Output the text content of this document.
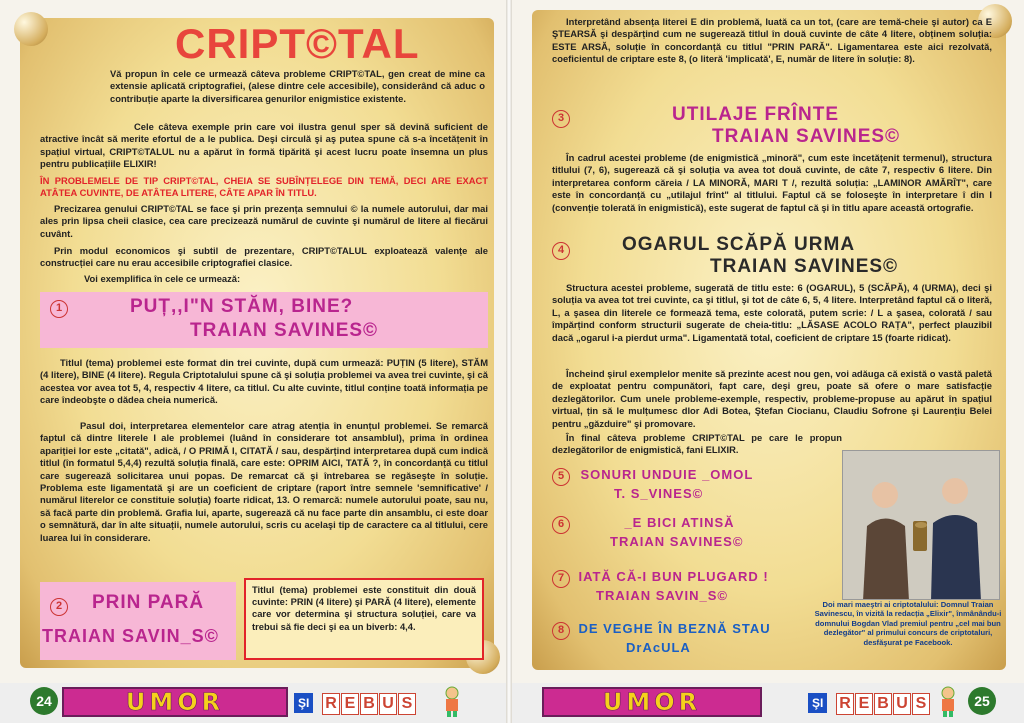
CRIPT©TAL
Vă propun în cele ce urmează câteva probleme CRIPT©TAL, gen creat de mine ca extensie aplicată criptografiei, (alese dintre cele accesibile), considerând că aduc o contribuție aparte la diversificarea genurilor enigmistice existente.
Cele câteva exemple prin care voi ilustra genul sper să devină suficient de atractive încât să merite efortul de a le publica. Deşi circulă şi aş putea spune că s-a încetățenit în spațiul virtual, CRIPT©TALUL nu a apărut în formă tipărită şi acest lucru poate însemna un plus pentru publicațiile ELIXIR!
ÎN PROBLEMELE DE TIP CRIPT©TAL, CHEIA SE SUBÎNȚELEGE DIN TEMĂ, DECI ARE EXACT ATÂTEA CUVINTE, DE ATÂTEA LITERE, CÂTE APAR ÎN TITLU.
Precizarea genului CRIPT©TAL se face şi prin prezența semnului © la numele autorului, dar mai ales prin lipsa cheii clasice, cea care precizează numărul de cuvinte şi numărul de litere al fiecărui cuvânt.
Prin modul economicos şi subtil de prezentare, CRIPT©TALUL exploatează valențe ale construcției care nu erau accesibile criptografiei clasice.
Voi exemplifica în cele ce urmează:
1	PUȚ,,I"N STĂM, BINE?
TRAIAN SAVINES©
Titlul (tema) problemei este format din trei cuvinte, după cum urmează: PUȚIN (5 litere), STĂM (4 litere), BINE (4 litere). Regula Criptotalului spune că şi soluția problemei va avea trei cuvinte, şi că acestea vor avea tot 5, 4, respectiv 4 litere, ca titlul. Cu alte cuvinte, titlul conține toată informația pe care îndeobşte o dădea cheia numerică.
Pasul doi, interpretarea elementelor care atrag atenția în enunțul problemei. Se remarcă faptul că dintre literele I ale problemei (luând în considerare tot ansamblul), prima în ordinea apariției lor este „citată", adică, / O PRIMĂ I, CITATĂ / sau, despărțind interpretarea după cum indică titlul (în formatul 5,4,4) rezultă soluția finală, care este: OPRIM AICI, TATĂ ?, în concordanță cu titlul care sugerează solicitarea unui popas. De remarcat că şi întrebarea se regăseşte în soluție. Problema este ligamentată şi are un coeficient de criptare (raport între semnele 'semnificative' / numărul literelor ce constituie soluția) foarte ridicat, 13. O remarcă: numele autorului poate, sau nu, să facă parte din problemă. Grafia lui, aparte, sugerează că nu face parte din ansamblu, ci este doar o semnătură, dar în alte situații, numele autorului, scris cu acelaşi tip de caractere ca al titlului, cere luarea lui în considerare.
2	PRIN PARĂ
TRAIAN SAVIN_S©
Titlul (tema) problemei este constituit din două cuvinte: PRIN (4 litere) şi PARĂ (4 litere), elemente care vor determina şi structura soluției, care va trebui să fie deci şi ea un biverb: 4,4.
24	UMOR	ŞI R E B U S
Interpretând absența literei E din problemă, luată ca un tot, (care are temă-cheie şi autor) ca E ŞTEARSĂ şi despărțind cum ne sugerează titlul în două cuvinte de câte 4 litere, obținem soluția: ESTE ARSĂ, soluție în concordanță cu titlul "PRIN PARĂ". Ligamentarea este aici rezolvată, coeficientul de criptare este 8, (o literă 'implicată', E, număr de litere în soluție: 8).
3	UTILAJE FRÎNTE
TRAIAN SAVINES©
În cadrul acestei probleme (de enigmistică „minoră", cum este încetățenit termenul), structura titlului (7, 6), sugerează că şi soluția va avea tot două cuvinte, de câte 7, respectiv 6 litere. Din interpretarea conform căreia / LA MINORĂ, MARI T /, rezultă soluția: „LAMINOR AMĂRÎT", care este în concordanță cu „utilajul frînt" al titlului. Faptul că se foloseşte în interpretare î din I (convenție tolerată în enigmistică), este sugerat de faptul că şi în titlu apare această ortografie.
4	OGARUL SCĂPĂ URMA
TRAIAN SAVINES©
Structura acestei probleme, sugerată de titlu este: 6 (OGARUL), 5 (SCĂPĂ), 4 (URMA), deci şi soluția va avea tot trei cuvinte, ca şi titlul, şi tot de câte 6, 5, 4 litere. Interpretând faptul că o literă, L, a şasea din literele ce formează tema, este colorată, putem scrie: / L a şasea, colorată / sau împărțind conform structurii sugerate de cheia-titlu: „LĂSASE ACOLO RAȚA", perfect plauzibil dacă „ogarul i-a pierdut urma". Ligamentată total, coeficient de criptare 15 (foarte ridicat).
Încheind şirul exemplelor menite să prezinte acest nou gen, voi adăuga că există o vastă paletă de exploatat pentru compunători, fapt care, deşi greu, poate să ofere o mare satisfacție dezlegătorilor. Cum unele probleme-exemple, respectiv, probleme-propuse au apărut în spațiul virtual, țin să le mulțumesc dlor Adi Botea, Ştefan Ciocianu, Claudiu Sofrone şi Laurențiu Belei pentru „găzduire" şi promovare.
În final câteva probleme CRIPT©TAL pe care le propun dezlegătorilor de enigmistică, fani ELIXIR.
5 SONURI UNDUIE _OMOL
T. S_VINES©
6	_E BICI ATINSĂ
TRAIAN SAVINES©
7 IATĂ CĂ-I BUN PLUGARD !
TRAIAN SAVIN_S©
8 DE VEGHE ÎN BEZNĂ STAU
DrAcULA
Doi mari maeştri ai criptotalului: Domnul Traian Savinescu, în vizită la redacția „Elixir", înmânându-i domnului Bogdan Vlad premiul pentru „cel mai bun dezlegător" al primului concurs de criptotaluri, desfăşurat pe Facebook.
UMOR	ŞI R E B U S	25
